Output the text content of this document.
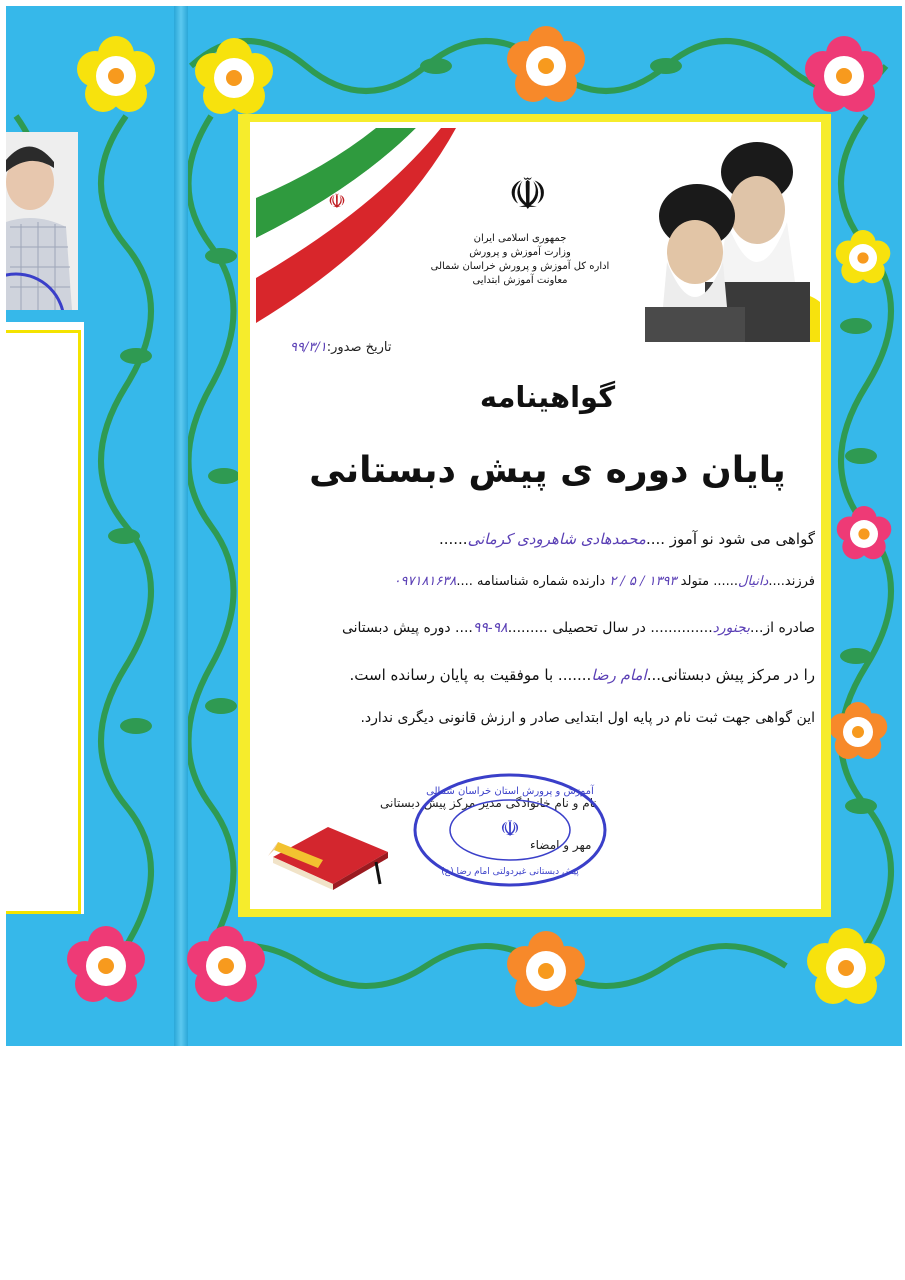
☫	☫
جمهوری اسلامی ایران
وزارت آموزش و پرورش
اداره کل آموزش و پرورش خراسان شمالی
معاونت آموزش ابتدایی
تاریخ صدور:۹۹/۳/۱
گواهینامه
پایان دوره ی پیش دبستانی
گواهی می شود نو آموز ....محمدهادی شاهرودی کرمانی......
فرزند....دانیال...... متولد ۱۳۹۳ / ۵ / ۲ دارنده شماره شناسنامه ....۰۹۷۱۸۱۶۳۸
صادره از...بجنورد.............. در سال تحصیلی .........۹۸-۹۹.... دوره پیش دبستانی
را در مرکز پیش دبستانی...امام رضا....... با موفقیت به پایان رسانده است.
این گواهی جهت ثبت نام در پایه اول ابتدایی صادر و ارزش قانونی دیگری ندارد.
نام و نام خانوادگی مدیر مرکز پیش دبستانی
مهر و امضاء
آموزش و پرورش استان خراسان شمالی
☫
پیش دبستانی غیردولتی امام رضا (ع)
